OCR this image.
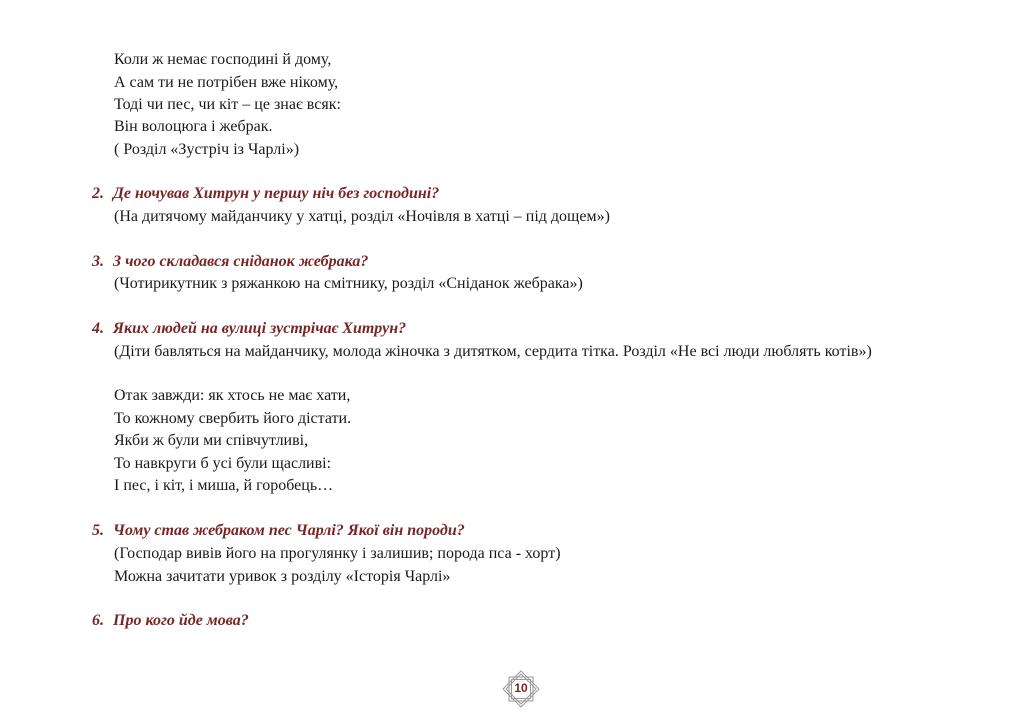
Коли ж немає господині й дому,
А сам ти не потрібен вже нікому,
Тоді чи пес, чи кіт – це знає всяк:
Він волоцюга і жебрак.
( Розділ «Зустріч із Чарлі»)
2. Де ночував Хитрун у першу ніч без господині?
(На дитячому майданчику у хатці, розділ «Ночівля в хатці – під дощем»)
3. З чого складався сніданок жебрака?
(Чотирикутник з ряжанкою на смітнику, розділ «Сніданок жебрака»)
4. Яких людей на вулиці зустрічає Хитрун?
(Діти бавляться на майданчику, молода жіночка з дитятком, сердита тітка. Розділ «Не всі люди люблять котів»)
Отак завжди: як хтось не має хати,
То кожному свербить його дістати.
Якби ж були ми співчутливі,
То навкруги б усі були щасливі:
І пес, і кіт, і миша, й горобець…
5. Чому став жебраком пес Чарлі? Якої він породи?
(Господар вивів його на прогулянку і залишив; порода пса - хорт)
Можна зачитати уривок з розділу «Історія Чарлі»
6. Про кого йде мова?
10
